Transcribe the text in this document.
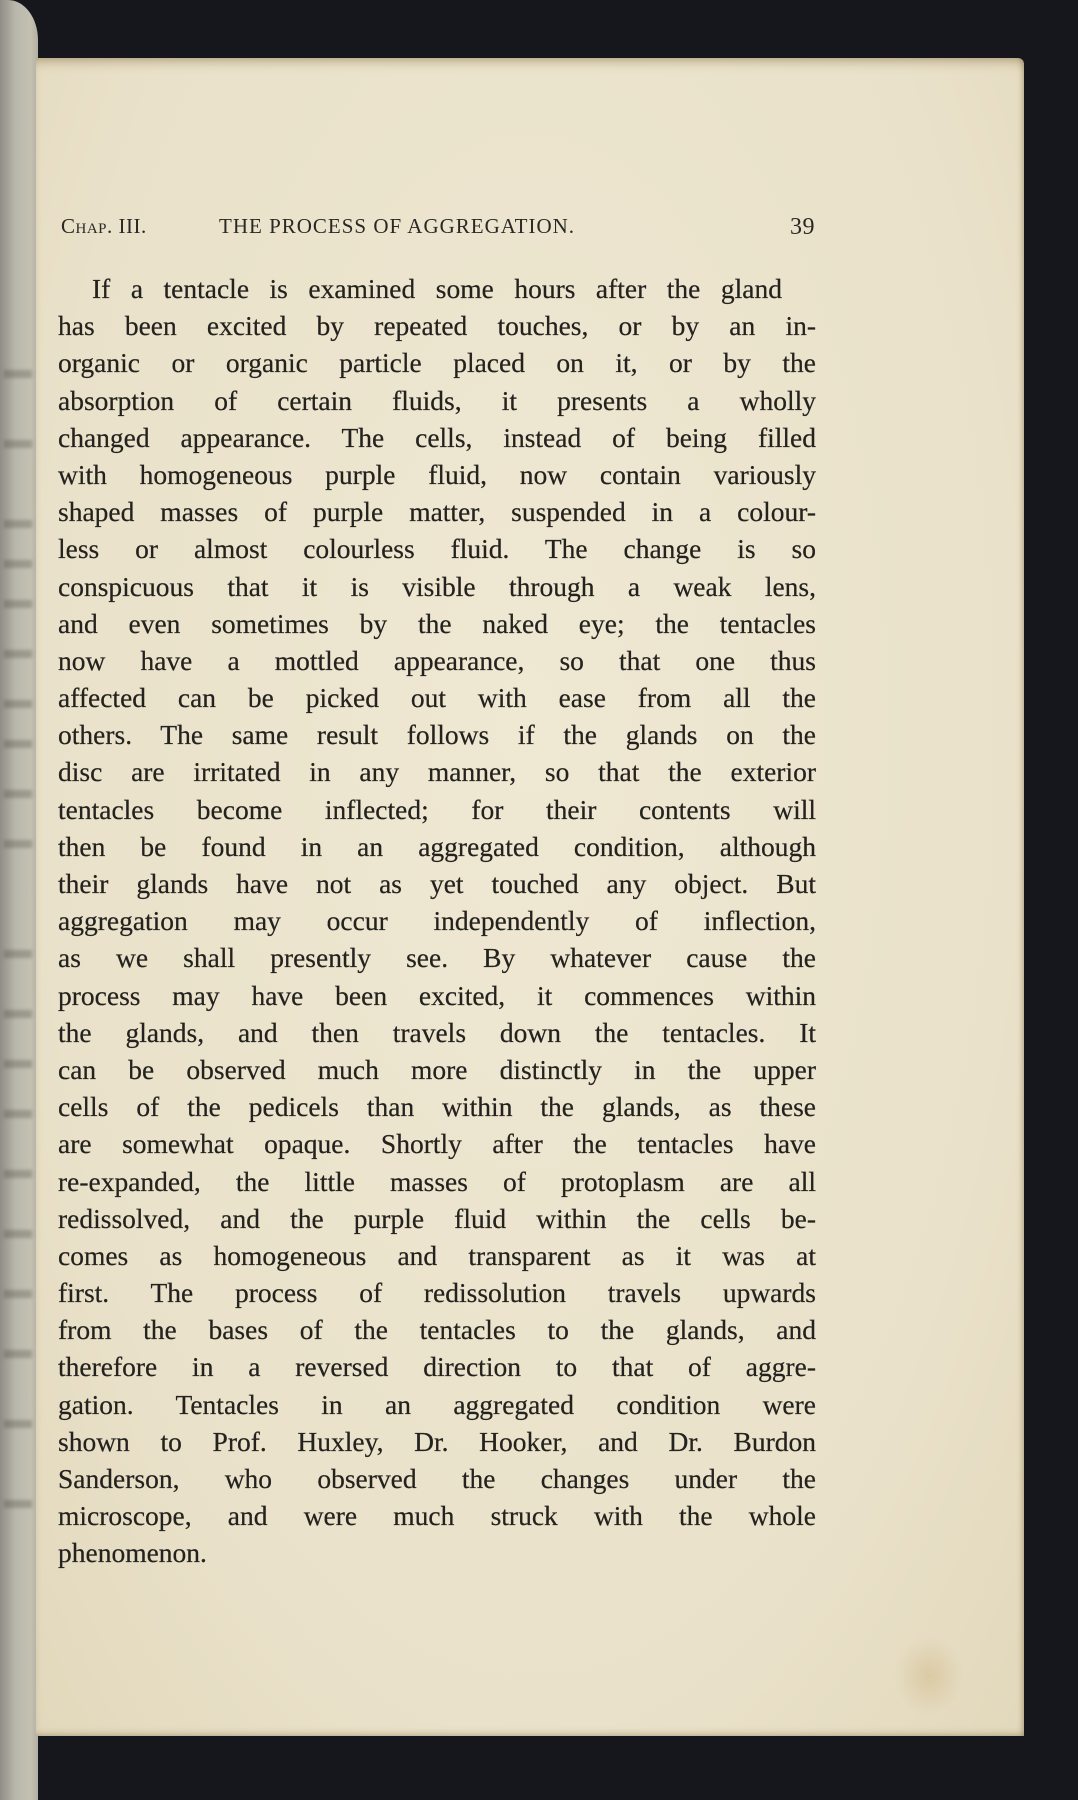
Chap. III.	THE PROCESS OF AGGREGATION.	39
If a tentacle is examined some hours after the gland
has been excited by repeated touches, or by an in-
organic or organic particle placed on it, or by the
absorption of certain fluids, it presents a wholly
changed appearance. The cells, instead of being filled
with homogeneous purple fluid, now contain variously
shaped masses of purple matter, suspended in a colour-
less or almost colourless fluid. The change is so
conspicuous that it is visible through a weak lens,
and even sometimes by the naked eye; the tentacles
now have a mottled appearance, so that one thus
affected can be picked out with ease from all the
others. The same result follows if the glands on the
disc are irritated in any manner, so that the exterior
tentacles become inflected; for their contents will
then be found in an aggregated condition, although
their glands have not as yet touched any object. But
aggregation may occur independently of inflection,
as we shall presently see. By whatever cause the
process may have been excited, it commences within
the glands, and then travels down the tentacles. It
can be observed much more distinctly in the upper
cells of the pedicels than within the glands, as these
are somewhat opaque. Shortly after the tentacles have
re-expanded, the little masses of protoplasm are all
redissolved, and the purple fluid within the cells be-
comes as homogeneous and transparent as it was at
first. The process of redissolution travels upwards
from the bases of the tentacles to the glands, and
therefore in a reversed direction to that of aggre-
gation. Tentacles in an aggregated condition were
shown to Prof. Huxley, Dr. Hooker, and Dr. Burdon
Sanderson, who observed the changes under the
microscope, and were much struck with the whole
phenomenon.
